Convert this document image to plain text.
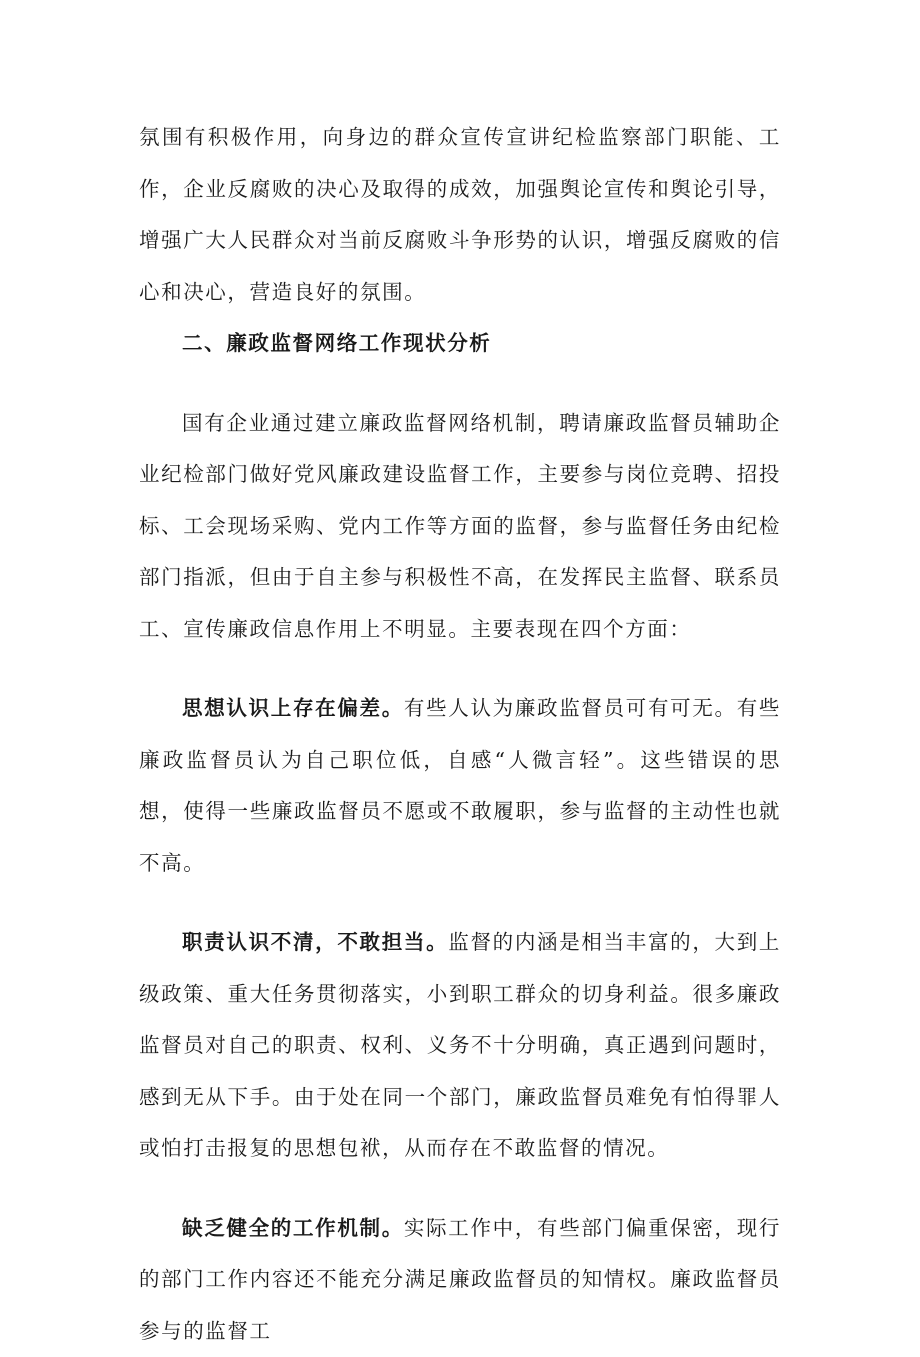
氛围有积极作用，向身边的群众宣传宣讲纪检监察部门职能、工作，企业反腐败的决心及取得的成效，加强舆论宣传和舆论引导，增强广大人民群众对当前反腐败斗争形势的认识，增强反腐败的信心和决心，营造良好的氛围。

二、廉政监督网络工作现状分析

国有企业通过建立廉政监督网络机制，聘请廉政监督员辅助企业纪检部门做好党风廉政建设监督工作，主要参与岗位竞聘、招投标、工会现场采购、党内工作等方面的监督，参与监督任务由纪检部门指派，但由于自主参与积极性不高，在发挥民主监督、联系员工、宣传廉政信息作用上不明显。主要表现在四个方面：

思想认识上存在偏差。有些人认为廉政监督员可有可无。有些廉政监督员认为自己职位低，自感“人微言轻”。这些错误的思想，使得一些廉政监督员不愿或不敢履职，参与监督的主动性也就不高。

职责认识不清，不敢担当。监督的内涵是相当丰富的，大到上级政策、重大任务贯彻落实，小到职工群众的切身利益。很多廉政监督员对自己的职责、权利、义务不十分明确，真正遇到问题时，感到无从下手。由于处在同一个部门，廉政监督员难免有怕得罪人或怕打击报复的思想包袱，从而存在不敢监督的情况。

缺乏健全的工作机制。实际工作中，有些部门偏重保密，现行的部门工作内容还不能充分满足廉政监督员的知情权。廉政监督员参与的监督工
